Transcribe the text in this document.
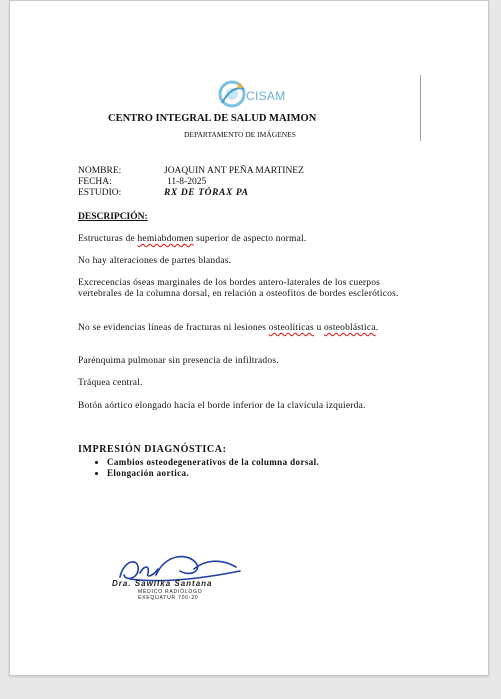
CISAM
CENTRO INTEGRAL DE SALUD MAIMON
DEPARTAMENTO DE IMÁGENES
NOMBRE:	JOAQUIN ANT PEÑA MARTINEZ
FECHA:	11-8-2025
ESTUDIO:	RX DE TÓRAX PA
DESCRIPCIÓN:
Estructuras de hemiabdomen superior de aspecto normal.
No hay alteraciones de partes blandas.
Excrecencias óseas marginales de los bordes antero-laterales de los cuerpos vertebrales de la columna dorsal, en relación a osteofitos de bordes escleróticos.
No se evidencias líneas de fracturas ni lesiones osteolíticas u osteoblástica.
Parénquima pulmonar sin presencia de infiltrados.
Tráquea central.
Botón aórtico elongado hacia el borde inferior de la clavícula izquierda.
IMPRESIÓN DIAGNÓSTICA:
• Cambios osteodegenerativos de la columna dorsal.
• Elongación aortica.
Dra. Sawilka Santana
MÉDICO RADIÓLOGO
EXEQUATUR 700-20
